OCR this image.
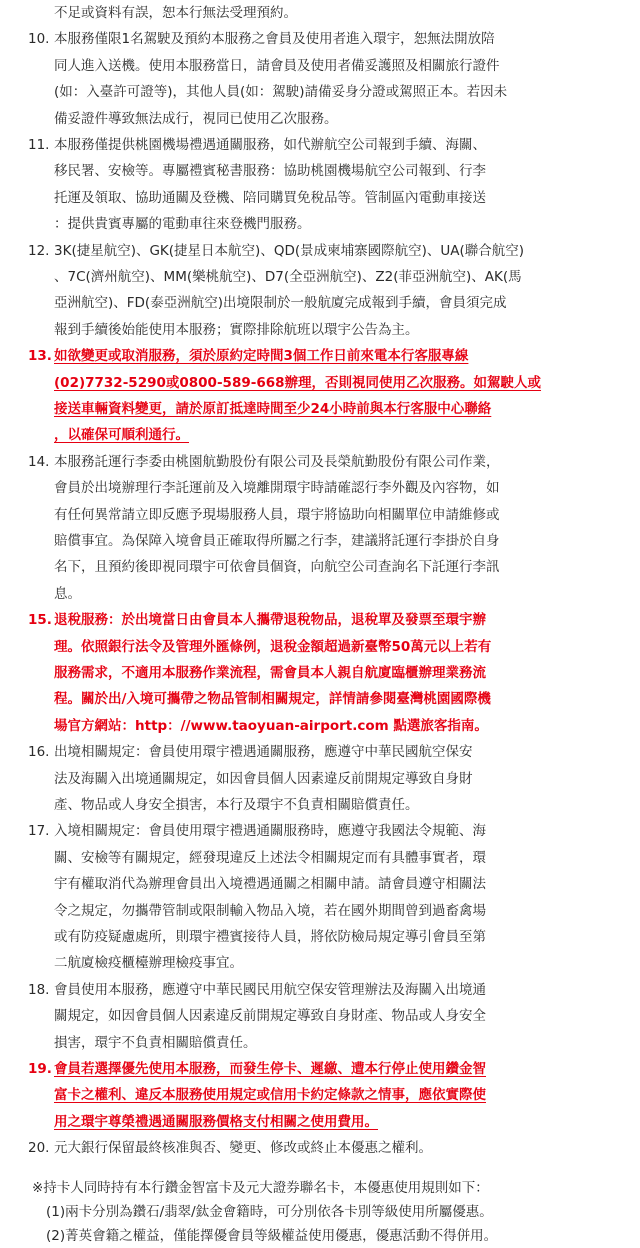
不足或資料有誤，恕本行無法受理預約。
10. 本服務僅限1名駕駛及預約本服務之會員及使用者進入環宇，恕無法開放陪
同人進入送機。使用本服務當日，請會員及使用者備妥護照及相關旅行證件
(如：入臺許可證等)，其他人員(如：駕駛)請備妥身分證或駕照正本。若因未
備妥證件導致無法成行，視同已使用乙次服務。
11. 本服務僅提供桃園機場禮遇通關服務，如代辦航空公司報到手續、海關、
移民署、安檢等。專屬禮賓秘書服務：協助桃園機場航空公司報到、行李
托運及領取、協助通關及登機、陪同購買免稅品等。管制區內電動車接送
：提供貴賓專屬的電動車往來登機門服務。
12. 3K(捷星航空)、GK(捷星日本航空)、QD(景成柬埔寨國際航空)、UA(聯合航空)
、7C(濟州航空)、MM(樂桃航空)、D7(全亞洲航空)、Z2(菲亞洲航空)、AK(馬
亞洲航空)、FD(泰亞洲航空)出境限制於一般航廈完成報到手續，會員須完成
報到手續後始能使用本服務；實際排除航班以環宇公告為主。
13. 如欲變更或取消服務，須於原約定時間3個工作日前來電本行客服專線
(02)7732-5290或0800-589-668辦理，否則視同使用乙次服務。如駕駛人或
接送車輛資料變更，請於原訂抵達時間至少24小時前與本行客服中心聯絡
，以確保可順利通行。
14. 本服務託運行李委由桃園航勤股份有限公司及長榮航勤股份有限公司作業，
會員於出境辦理行李託運前及入境離開環宇時請確認行李外觀及內容物，如
有任何異常請立即反應予現場服務人員，環宇將協助向相關單位申請維修或
賠償事宜。為保障入境會員正確取得所屬之行李，建議將託運行李掛於自身
名下，且預約後即視同環宇可依會員個資，向航空公司查詢名下託運行李訊
息。
15. 退稅服務：於出境當日由會員本人攜帶退稅物品，退稅單及發票至環宇辦
理。依照銀行法令及管理外匯條例，退稅金額超過新臺幣50萬元以上若有
服務需求，不適用本服務作業流程，需會員本人親自航廈臨櫃辦理業務流
程。關於出/入境可攜帶之物品管制相關規定，詳情請參閱臺灣桃園國際機
場官方網站：http：//www.taoyuan-airport.com 點選旅客指南。
16. 出境相關規定：會員使用環宇禮遇通關服務，應遵守中華民國航空保安
法及海關入出境通關規定，如因會員個人因素違反前開規定導致自身財
產、物品或人身安全損害，本行及環宇不負責相關賠償責任。
17. 入境相關規定：會員使用環宇禮遇通關服務時，應遵守我國法令規範、海
關、安檢等有關規定，經發現違反上述法令相關規定而有具體事實者，環
宇有權取消代為辦理會員出入境禮遇通關之相關申請。請會員遵守相關法
令之規定，勿攜帶管制或限制輸入物品入境，若在國外期間曾到過畜禽場
或有防疫疑慮處所，則環宇禮賓接待人員，將依防檢局規定導引會員至第
二航廈檢疫櫃檯辦理檢疫事宜。
18. 會員使用本服務，應遵守中華民國民用航空保安管理辦法及海關入出境通
關規定，如因會員個人因素違反前開規定導致自身財產、物品或人身安全
損害，環宇不負責相關賠償責任。
19. 會員若選擇優先使用本服務，而發生停卡、遲繳、遭本行停止使用鑽金智
富卡之權利、違反本服務使用規定或信用卡約定條款之情事，應依實際使
用之環宇尊榮禮遇通關服務價格支付相關之使用費用。
20. 元大銀行保留最終核准與否、變更、修改或終止本優惠之權利。
※持卡人同時持有本行鑽金智富卡及元大證券聯名卡，本優惠使用規則如下：
(1)兩卡分別為鑽石/翡翠/鈦金會籍時，可分別依各卡別等級使用所屬優惠。
(2)菁英會籍之權益，僅能擇優會員等級權益使用優惠，優惠活動不得併用。
